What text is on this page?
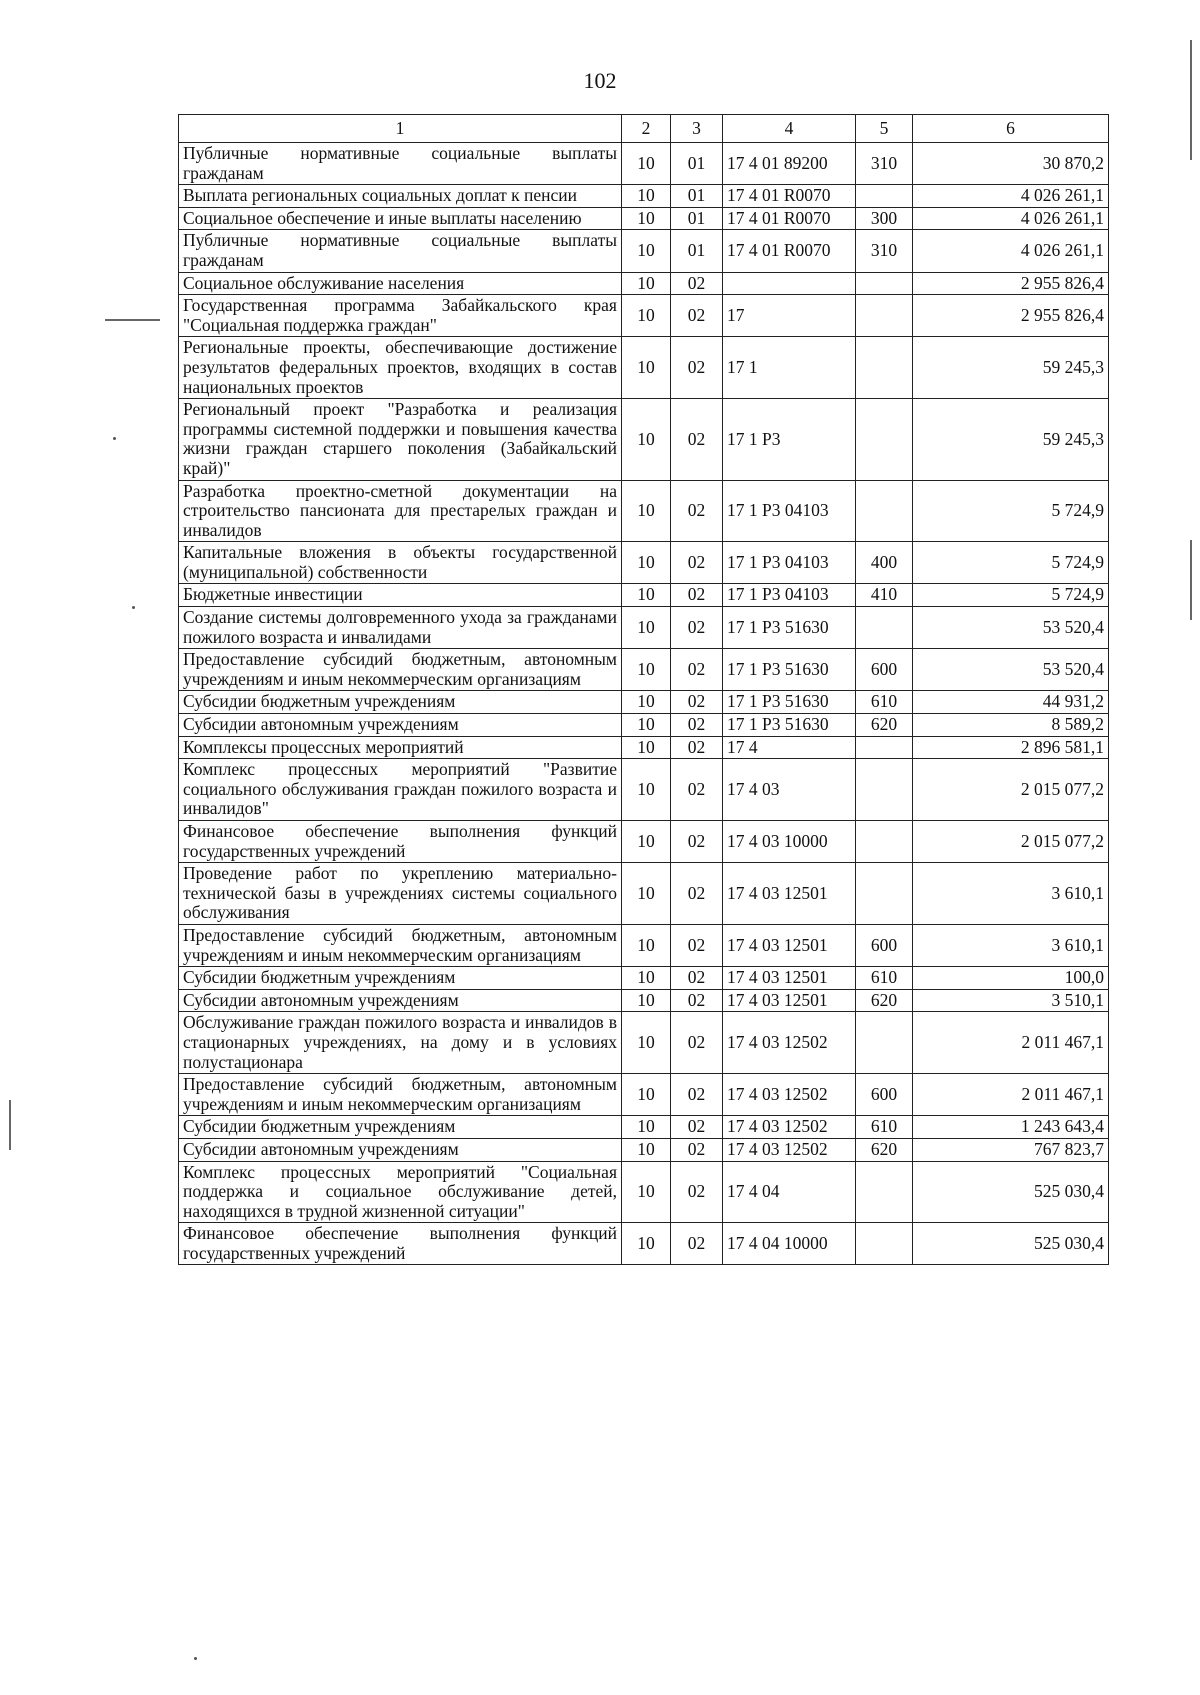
102
1	2	3	4	5	6
Публичные нормативные социальные выплаты гражданам	10	01	17 4 01 89200	310	30 870,2
Выплата региональных социальных доплат к пенсии	10	01	17 4 01 R0070		4 026 261,1
Социальное обеспечение и иные выплаты населению	10	01	17 4 01 R0070	300	4 026 261,1
Публичные нормативные социальные выплаты гражданам	10	01	17 4 01 R0070	310	4 026 261,1
Социальное обслуживание населения	10	02			2 955 826,4
Государственная программа Забайкальского края "Социальная поддержка граждан"	10	02	17		2 955 826,4
Региональные проекты, обеспечивающие достижение результатов федеральных проектов, входящих в состав национальных проектов	10	02	17 1		59 245,3
Региональный проект "Разработка и реализация программы системной поддержки и повышения качества жизни граждан старшего поколения (Забайкальский край)"	10	02	17 1 Р3		59 245,3
Разработка проектно-сметной документации на строительство пансионата для престарелых граждан и инвалидов	10	02	17 1 Р3 04103		5 724,9
Капитальные вложения в объекты государственной (муниципальной) собственности	10	02	17 1 Р3 04103	400	5 724,9
Бюджетные инвестиции	10	02	17 1 Р3 04103	410	5 724,9
Создание системы долговременного ухода за гражданами пожилого возраста и инвалидами	10	02	17 1 Р3 51630		53 520,4
Предоставление субсидий бюджетным, автономным учреждениям и иным некоммерческим организациям	10	02	17 1 Р3 51630	600	53 520,4
Субсидии бюджетным учреждениям	10	02	17 1 Р3 51630	610	44 931,2
Субсидии автономным учреждениям	10	02	17 1 Р3 51630	620	8 589,2
Комплексы процессных мероприятий	10	02	17 4		2 896 581,1
Комплекс процессных мероприятий "Развитие социального обслуживания граждан пожилого возраста и инвалидов"	10	02	17 4 03		2 015 077,2
Финансовое обеспечение выполнения функций государственных учреждений	10	02	17 4 03 10000		2 015 077,2
Проведение работ по укреплению материально-технической базы в учреждениях системы социального обслуживания	10	02	17 4 03 12501		3 610,1
Предоставление субсидий бюджетным, автономным учреждениям и иным некоммерческим организациям	10	02	17 4 03 12501	600	3 610,1
Субсидии бюджетным учреждениям	10	02	17 4 03 12501	610	100,0
Субсидии автономным учреждениям	10	02	17 4 03 12501	620	3 510,1
Обслуживание граждан пожилого возраста и инвалидов в стационарных учреждениях, на дому и в условиях полустационара	10	02	17 4 03 12502		2 011 467,1
Предоставление субсидий бюджетным, автономным учреждениям и иным некоммерческим организациям	10	02	17 4 03 12502	600	2 011 467,1
Субсидии бюджетным учреждениям	10	02	17 4 03 12502	610	1 243 643,4
Субсидии автономным учреждениям	10	02	17 4 03 12502	620	767 823,7
Комплекс процессных мероприятий "Социальная поддержка и социальное обслуживание детей, находящихся в трудной жизненной ситуации"	10	02	17 4 04		525 030,4
Финансовое обеспечение выполнения функций государственных учреждений	10	02	17 4 04 10000		525 030,4
